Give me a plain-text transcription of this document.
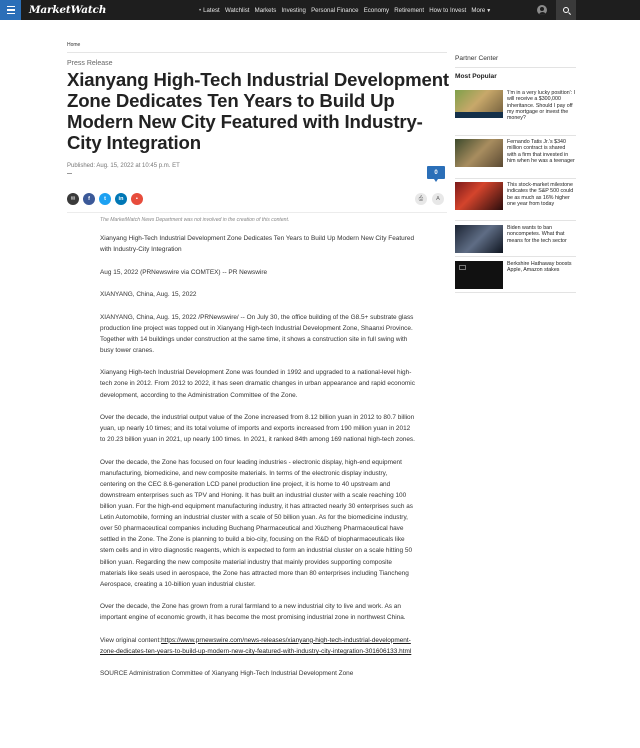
MarketWatch
•	Latest Watchlist Markets Investing Personal Finance Economy Retirement How to Invest More▼
Home
Press Release
Xianyang High-Tech Industrial Development Zone Dedicates Ten Years to Build Up Modern New City Featured with Industry-City Integration
Published: Aug. 15, 2022 at 10:45 p.m. ET
0
✉	f	t	in	▪	⎙	A
The MarketWatch News Department was not involved in the creation of this content.

Xianyang High-Tech Industrial Development Zone Dedicates Ten Years to Build Up Modern New City Featured with Industry-City Integration

Aug 15, 2022 (PRNewswire via COMTEX) -- PR Newswire

XIANYANG, China, Aug. 15, 2022

XIANYANG, China, Aug. 15, 2022 /PRNewswire/ -- On July 30, the office building of the G8.5+ substrate glass production line project was topped out in Xianyang High-tech Industrial Development Zone, Shaanxi Province. Together with 14 buildings under construction at the same time, it shows a construction site in full swing with busy tower cranes.

Xianyang High-tech Industrial Development Zone was founded in 1992 and upgraded to a national-level high-tech zone in 2012. From 2012 to 2022, it has seen dramatic changes in urban appearance and rapid economic development, according to the Administration Committee of the Zone.

Over the decade, the industrial output value of the Zone increased from 8.12 billion yuan in 2012 to 80.7 billion yuan, up nearly 10 times; and its total volume of imports and exports increased from 190 million yuan in 2012 to 20.23 billion yuan in 2021, up nearly 100 times. In 2021, it ranked 84th among 169 national high-tech zones.

Over the decade, the Zone has focused on four leading industries - electronic display, high-end equipment manufacturing, biomedicine, and new composite materials. In terms of the electronic display industry, centering on the CEC 8.6-generation LCD panel production line project, it is home to 40 upstream and downstream enterprises such as TPV and Honing. It has built an industrial cluster with a scale reaching 100 billion yuan. For the high-end equipment manufacturing industry, it has attracted nearly 30 enterprises such as Letin Automobile, forming an industrial cluster with a scale of 50 billion yuan. As for the biomedicine industry, over 50 pharmaceutical companies including Buchang Pharmaceutical and Xiuzheng Pharmaceutical have settled in the Zone. The Zone is planning to build a bio-city, focusing on the R&D of biopharmaceuticals like stem cells and in vitro diagnostic reagents, which is expected to form an industrial cluster on a scale hitting 50 billion yuan. Regarding the new composite material industry that mainly provides supporting composite materials like seals used in aerospace, the Zone has attracted more than 80 enterprises including Tiancheng Aerospace, creating a 10-billion yuan industrial cluster.

Over the decade, the Zone has grown from a rural farmland to a new industrial city to live and work. As an important engine of economic growth, it has become the most promising industrial zone in northwest China.

View original content:https://www.prnewswire.com/news-releases/xianyang-high-tech-industrial-development-zone-dedicates-ten-years-to-build-up-modern-new-city-featured-with-industry-city-integration-301606133.html

SOURCE Administration Committee of Xianyang High-Tech Industrial Development Zone

Partner Center
Most Popular
'I'm in a very lucky position': I will receive a $300,000 inheritance. Should I pay off my mortgage or invest the money?
Fernando Tatis Jr.'s $340 million contract is shared with a firm that invested in him when he was a teenager
This stock-market milestone indicates the S&P 500 could be as much as 16% higher one year from today
Biden wants to ban noncompetes. What that means for the tech sector
Berkshire Hathaway boosts Apple, Amazon stakes
